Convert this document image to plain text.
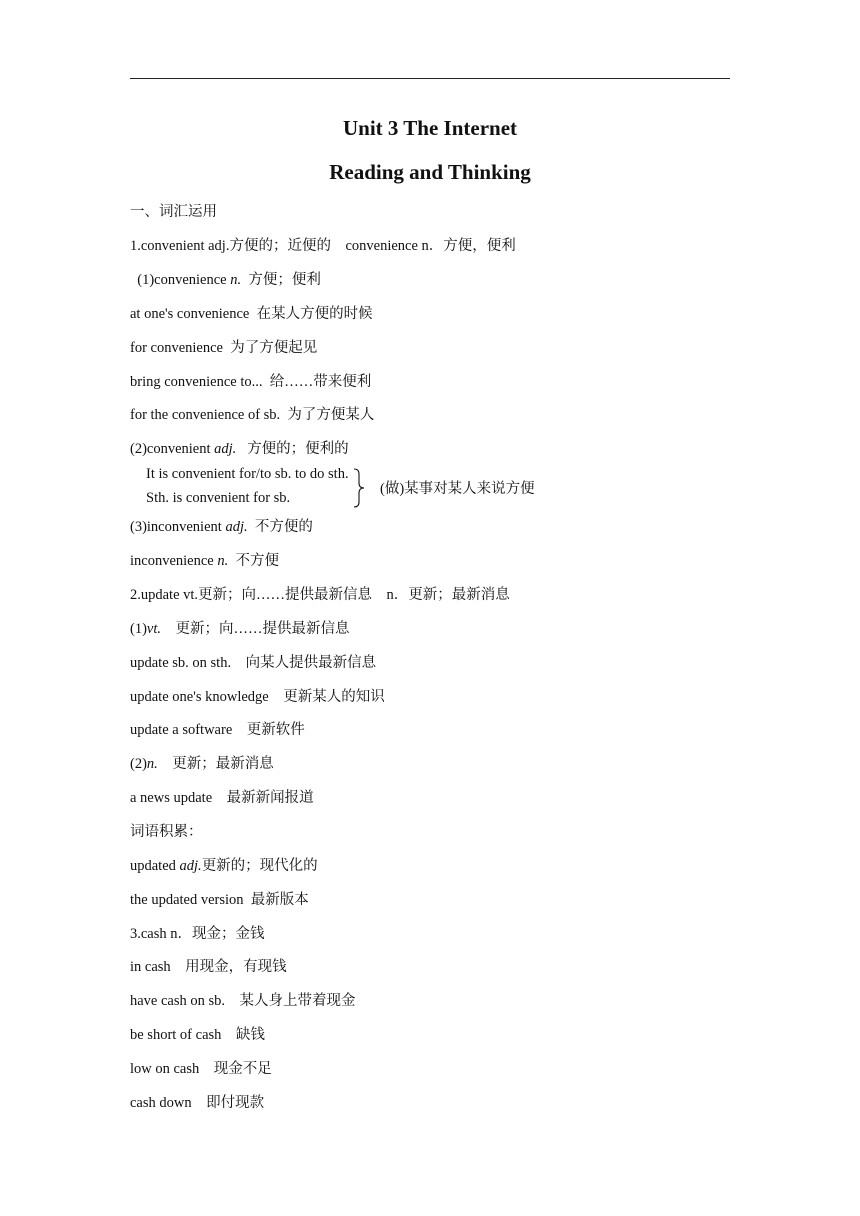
Unit 3 The Internet
Reading and Thinking
一、词汇运用
1.convenient adj.方便的；近便的    convenience n．方便，便利
(1)convenience n.  方便；便利
at one's convenience  在某人方便的时候
for convenience  为了方便起见
bring convenience to...  给……带来便利
for the convenience of sb.  为了方便某人
(2)convenient adj.   方便的；便利的
It is convenient for/to sb. to do sth.
Sth. is convenient for sb.
(做)某事对某人来说方便
(3)inconvenient adj.  不方便的
inconvenience n.  不方便
2.update vt.更新；向……提供最新信息    n．更新；最新消息
(1)vt.    更新；向……提供最新信息
update sb. on sth.    向某人提供最新信息
update one's knowledge    更新某人的知识
update a software    更新软件
(2)n.    更新；最新消息
a news update    最新新闻报道
词语积累：
updated adj.更新的；现代化的
the updated version  最新版本
3.cash n．现金；金钱
in cash    用现金，有现钱
have cash on sb.    某人身上带着现金
be short of cash    缺钱
low on cash    现金不足
cash down    即付现款
